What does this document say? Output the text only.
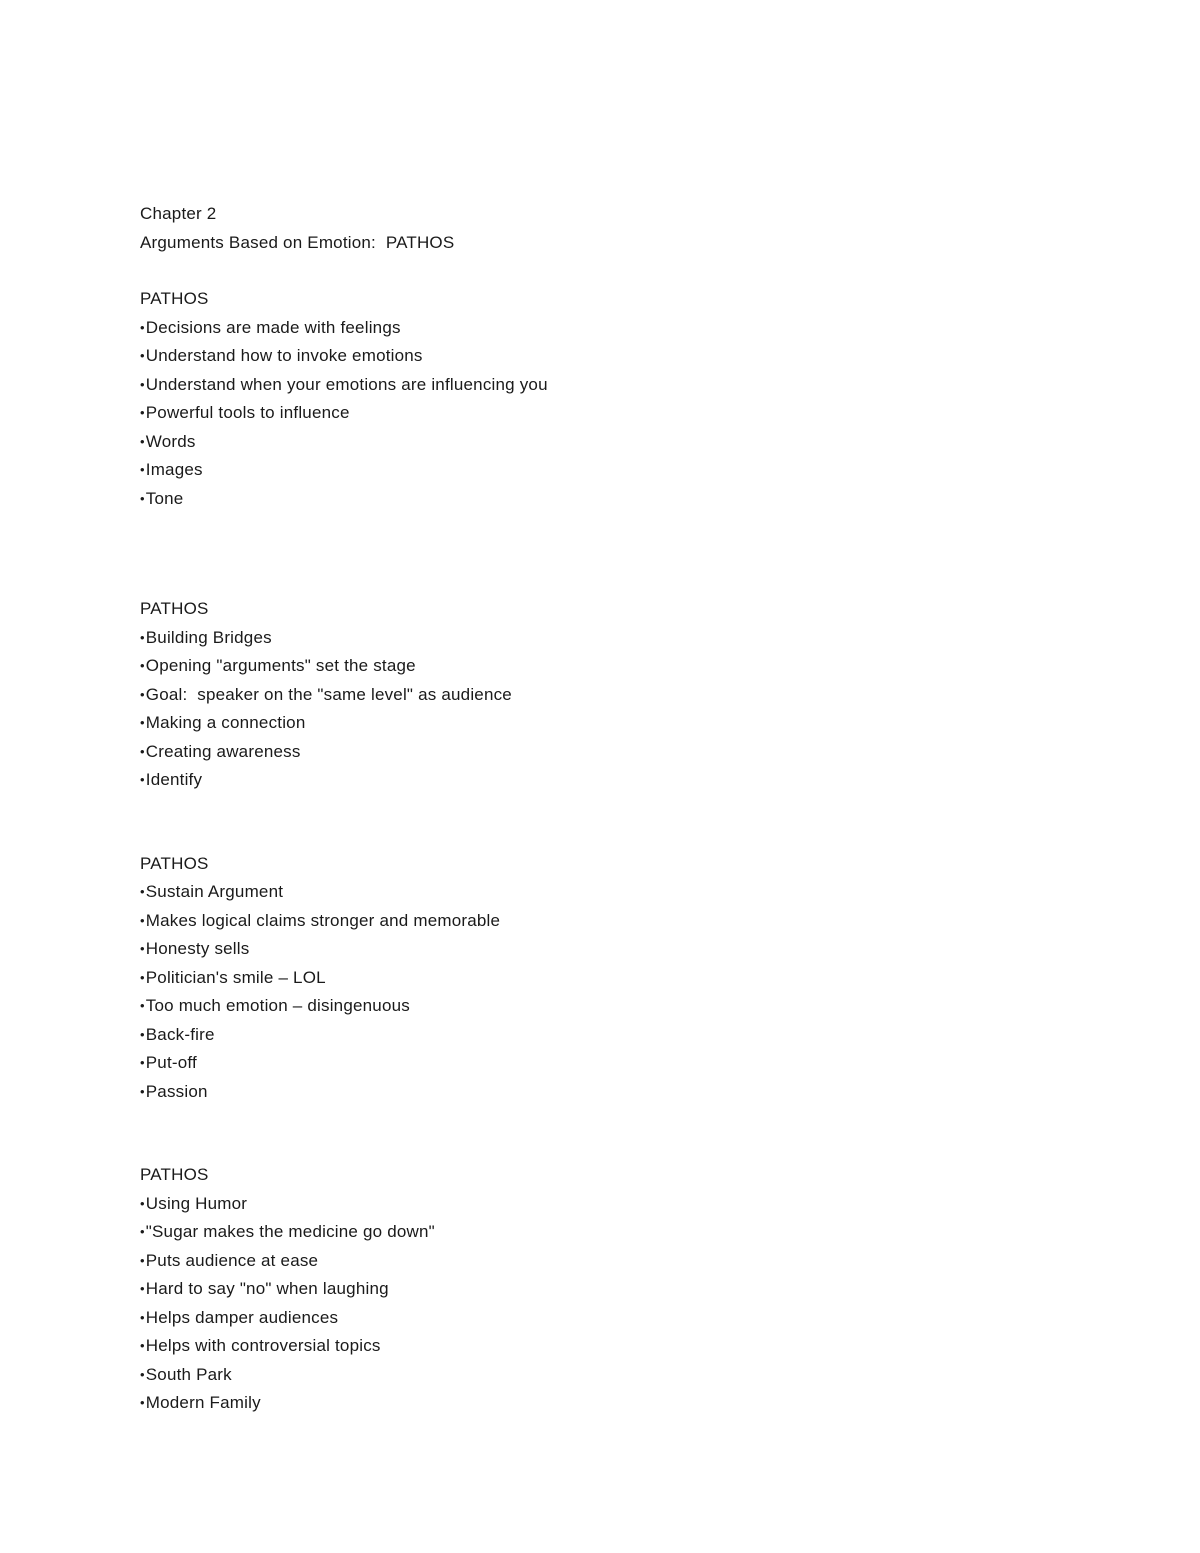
Chapter 2

Arguments Based on Emotion:  PATHOS

PATHOS

• Decisions are made with feelings

• Understand how to invoke emotions

• Understand when your emotions are influencing you

• Powerful tools to influence

• Words

• Images

• Tone

PATHOS

• Building Bridges

• Opening "arguments" set the stage

• Goal:  speaker on the "same level" as audience

• Making a connection

• Creating awareness

• Identify

PATHOS

• Sustain Argument

• Makes logical claims stronger and memorable

• Honesty sells

• Politician's smile – LOL

• Too much emotion – disingenuous

• Back-fire

• Put-off

• Passion

PATHOS

• Using Humor

• "Sugar makes the medicine go down"

• Puts audience at ease

• Hard to say "no" when laughing

• Helps damper audiences

• Helps with controversial topics

• South Park

• Modern Family
